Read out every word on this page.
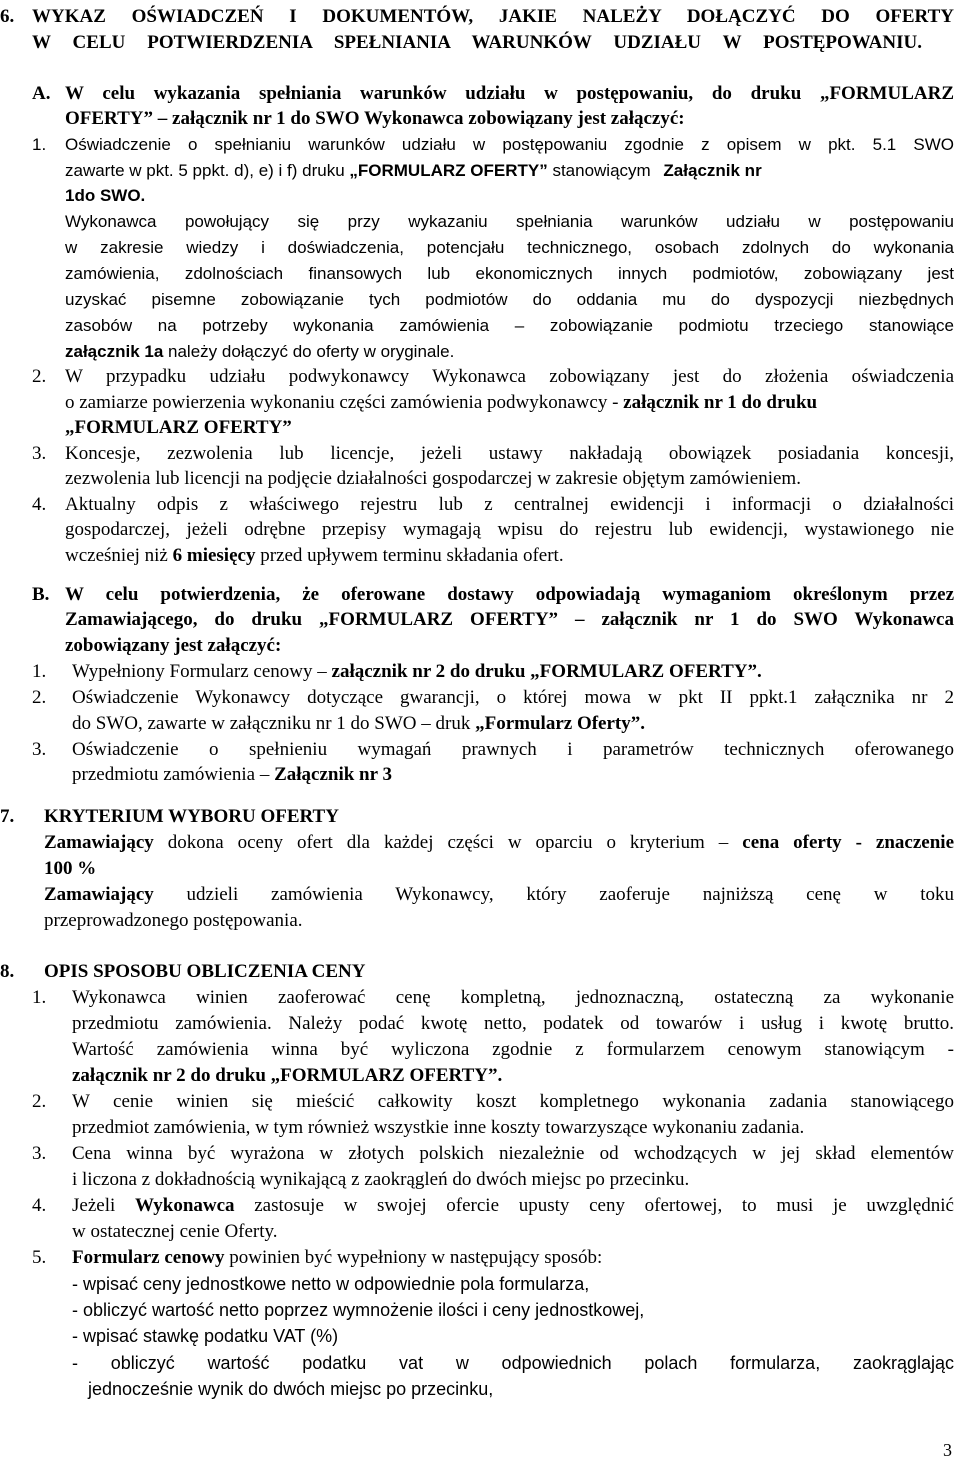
6. WYKAZ OŚWIADCZEŃ I DOKUMENTÓW, JAKIE NALEŻY DOŁĄCZYĆ DO OFERTY
W CELU POTWIERDZENIA SPEŁNIANIA WARUNKÓW UDZIAŁU W POSTĘPOWANIU.
A. W celu wykazania spełniania warunków udziału w postępowaniu, do druku „FORMULARZ
OFERTY” – załącznik nr 1 do SWO Wykonawca zobowiązany jest załączyć:
1. Oświadczenie o spełnianiu warunków udziału w postępowaniu zgodnie z opisem w pkt. 5.1 SWO
zawarte w pkt. 5 ppkt. d), e) i f) druku „FORMULARZ OFERTY” stanowiącym Załącznik nr
1do SWO.
Wykonawca powołujący się przy wykazaniu spełniania warunków udziału w postępowaniu
w zakresie wiedzy i doświadczenia, potencjału technicznego, osobach zdolnych do wykonania
zamówienia, zdolnościach finansowych lub ekonomicznych innych podmiotów, zobowiązany jest
uzyskać pisemne zobowiązanie tych podmiotów do oddania mu do dyspozycji niezbędnych
zasobów na potrzeby wykonania zamówienia – zobowiązanie podmiotu trzeciego stanowiące
załącznik 1a należy dołączyć do oferty w oryginale.
2. W przypadku udziału podwykonawcy Wykonawca zobowiązany jest do złożenia oświadczenia
o zamiarze powierzenia wykonaniu części zamówienia podwykonawcy - załącznik nr 1 do druku
„FORMULARZ OFERTY”
3. Koncesje, zezwolenia lub licencje, jeżeli ustawy nakładają obowiązek posiadania koncesji,
zezwolenia lub licencji na podjęcie działalności gospodarczej w zakresie objętym zamówieniem.
4. Aktualny odpis z właściwego rejestru lub z centralnej ewidencji i informacji o działalności
gospodarczej, jeżeli odrębne przepisy wymagają wpisu do rejestru lub ewidencji, wystawionego nie
wcześniej niż 6 miesięcy przed upływem terminu składania ofert.
B. W celu potwierdzenia, że oferowane dostawy odpowiadają wymaganiom określonym przez
Zamawiającego, do druku „FORMULARZ OFERTY” – załącznik nr 1 do SWO Wykonawca
zobowiązany jest załączyć:
1. Wypełniony Formularz cenowy – załącznik nr 2 do druku „FORMULARZ OFERTY”.
2. Oświadczenie Wykonawcy dotyczące gwarancji, o której mowa w pkt II ppkt.1 załącznika nr 2
do SWO, zawarte w załączniku nr 1 do SWO – druk „Formularz Oferty”.
3. Oświadczenie o spełnieniu wymagań prawnych i parametrów technicznych oferowanego
przedmiotu zamówienia – Załącznik nr 3
7. KRYTERIUM WYBORU OFERTY
Zamawiający dokona oceny ofert dla każdej części w oparciu o kryterium – cena oferty - znaczenie
100 %
Zamawiający udzieli zamówienia Wykonawcy, który zaoferuje najniższą cenę w toku
przeprowadzonego postępowania.
8. OPIS SPOSOBU OBLICZENIA CENY
1. Wykonawca winien zaoferować cenę kompletną, jednoznaczną, ostateczną za wykonanie
przedmiotu zamówienia. Należy podać kwotę netto, podatek od towarów i usług i kwotę brutto.
Wartość zamówienia winna być wyliczona zgodnie z formularzem cenowym stanowiącym -
załącznik nr 2 do druku „FORMULARZ OFERTY”.
2. W cenie winien się mieścić całkowity koszt kompletnego wykonania zadania stanowiącego
przedmiot zamówienia, w tym również wszystkie inne koszty towarzyszące wykonaniu zadania.
3. Cena winna być wyrażona w złotych polskich niezależnie od wchodzących w jej skład elementów
i liczona z dokładnością wynikającą z zaokrągleń do dwóch miejsc po przecinku.
4. Jeżeli Wykonawca zastosuje w swojej ofercie upusty ceny ofertowej, to musi je uwzględnić
w ostatecznej cenie Oferty.
5. Formularz cenowy powinien być wypełniony w następujący sposób:
- wpisać ceny jednostkowe netto w odpowiednie pola formularza,
- obliczyć wartość netto poprzez wymnożenie ilości i ceny jednostkowej,
- wpisać stawkę podatku VAT (%)
- obliczyć wartość podatku vat w odpowiednich polach formularza, zaokrąglając
jednocześnie wynik do dwóch miejsc po przecinku,
3
